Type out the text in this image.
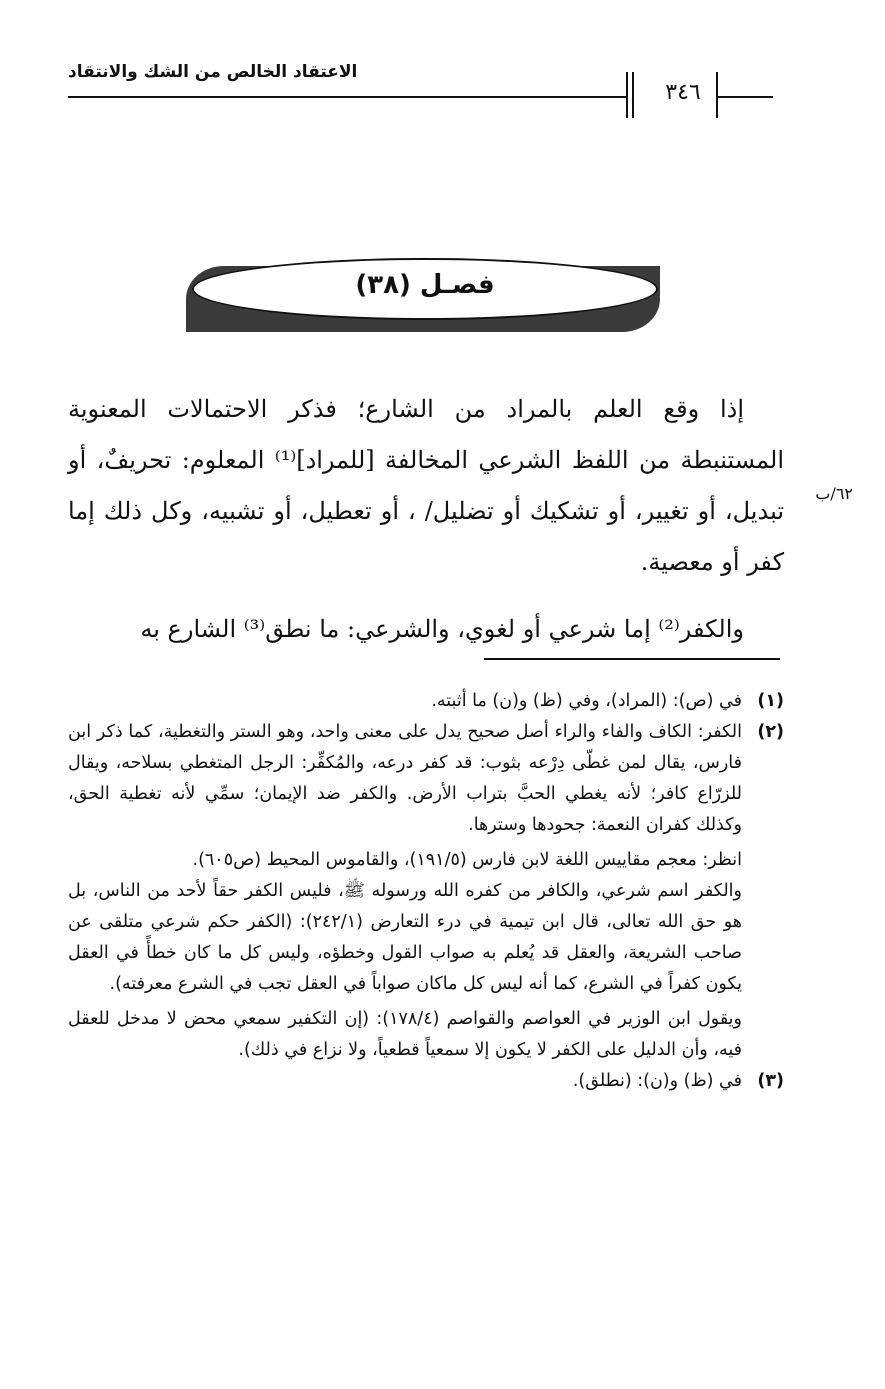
الاعتقاد الخالص من الشك والانتقاد
٣٤٦
فصـل (٣٨)

إذا وقع العلم بالمراد من الشارع؛ فذكر الاحتمالات المعنوية المستنبطة من اللفظ الشرعي المخالفة [للمراد]⁽¹⁾ المعلوم: تحريفٌ، أو تبديل، أو تغيير، أو تشكيك أو تضليل/ ، أو تعطيل، أو تشبيه، وكل ذلك إما كفر أو معصية.

والكفر⁽²⁾ إما شرعي أو لغوي، والشرعي: ما نطق⁽³⁾ الشارع به

٦٢/ب
(١)

في (ص): (المراد)، وفي (ظ) و(ن) ما أثبته.

(٢)

الكفر: الكاف والفاء والراء أصل صحيح يدل على معنى واحد، وهو الستر والتغطية، كما ذكر ابن فارس، يقال لمن غطّى دِرْعه بثوب: قد كفر درعه، والمُكفِّر: الرجل المتغطي بسلاحه، ويقال للزرّاع كافر؛ لأنه يغطي الحبَّ بتراب الأرض. والكفر ضد الإيمان؛ سمِّي لأنه تغطية الحق، وكذلك كفران النعمة: جحودها وسترها.

انظر: معجم مقاييس اللغة لابن فارس (١٩١/٥)، والقاموس المحيط (ص٦٠٥).

والكفر اسم شرعي، والكافر من كفره الله ورسوله ﷺ، فليس الكفر حقاً لأحد من الناس، بل هو حق الله تعالى، قال ابن تيمية في درء التعارض (٢٤٢/١): (الكفر حكم شرعي متلقى عن صاحب الشريعة، والعقل قد يُعلم به صواب القول وخطؤه، وليس كل ما كان خطأً في العقل يكون كفراً في الشرع، كما أنه ليس كل ماكان صواباً في العقل تجب في الشرع معرفته).

ويقول ابن الوزير في العواصم والقواصم (١٧٨/٤): (إن التكفير سمعي محض لا مدخل للعقل فيه، وأن الدليل على الكفر لا يكون إلا سمعياً قطعياً، ولا نزاع في ذلك).

(٣)

في (ظ) و(ن): (نطلق).
